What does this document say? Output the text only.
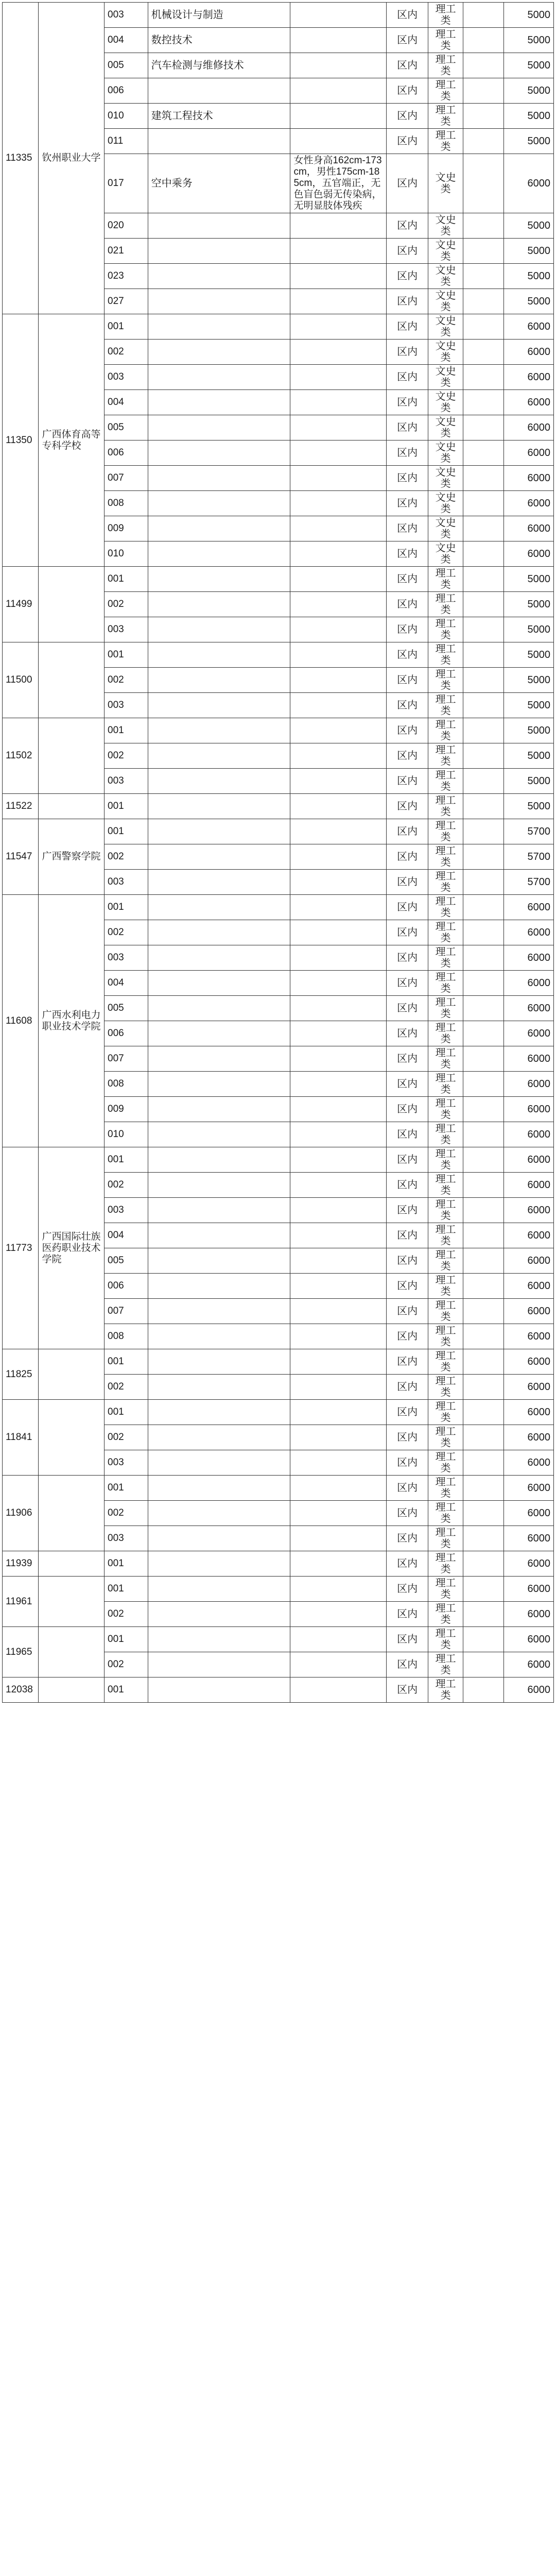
11335	钦州职业大学	003	机械设计与制造		区内	理工类		5000
		004	数控技术		区内	理工类		5000
		005	汽车检测与维修技术		区内	理工类		5000
		006			区内	理工类		5000
		010	建筑工程技术		区内	理工类		5000
		011			区内	理工类		5000
		017	空中乘务	女性身高162cm-173cm，男性175cm-185cm，五官端正，无色盲色弱无传染病，无明显肢体残疾	区内	文史类		6000
		020			区内	文史类		5000
		021			区内	文史类		5000
		023			区内	文史类		5000
		027			区内	文史类		5000
11350	广西体育高等专科学校	001			区内	文史类		6000
		002			区内	文史类		6000
		003			区内	文史类		6000
		004			区内	文史类		6000
		005			区内	文史类		6000
		006			区内	文史类		6000
		007			区内	文史类		6000
		008			区内	文史类		6000
		009			区内	文史类		6000
		010			区内	文史类		6000
11499		001			区内	理工类		5000
		002			区内	理工类		5000
		003			区内	理工类		5000
11500		001			区内	理工类		5000
		002			区内	理工类		5000
		003			区内	理工类		5000
11502		001			区内	理工类		5000
		002			区内	理工类		5000
		003			区内	理工类		5000
11522		001			区内	理工类		5000
11547	广西警察学院	001			区内	理工类		5700
		002			区内	理工类		5700
		003			区内	理工类		5700
11608	广西水利电力职业技术学院	001			区内	理工类		6000
		002			区内	理工类		6000
		003			区内	理工类		6000
		004			区内	理工类		6000
		005			区内	理工类		6000
		006			区内	理工类		6000
		007			区内	理工类		6000
		008			区内	理工类		6000
		009			区内	理工类		6000
		010			区内	理工类		6000
11773	广西国际壮族医药职业技术学院	001			区内	理工类		6000
		002			区内	理工类		6000
		003			区内	理工类		6000
		004			区内	理工类		6000
		005			区内	理工类		6000
		006			区内	理工类		6000
		007			区内	理工类		6000
		008			区内	理工类		6000
11825		001			区内	理工类		6000
		002			区内	理工类		6000
11841		001			区内	理工类		6000
		002			区内	理工类		6000
		003			区内	理工类		6000
11906		001			区内	理工类		6000
		002			区内	理工类		6000
		003			区内	理工类		6000
11939		001			区内	理工类		6000
11961		001			区内	理工类		6000
		002			区内	理工类		6000
11965		001			区内	理工类		6000
		002			区内	理工类		6000
12038		001			区内	理工类		6000
